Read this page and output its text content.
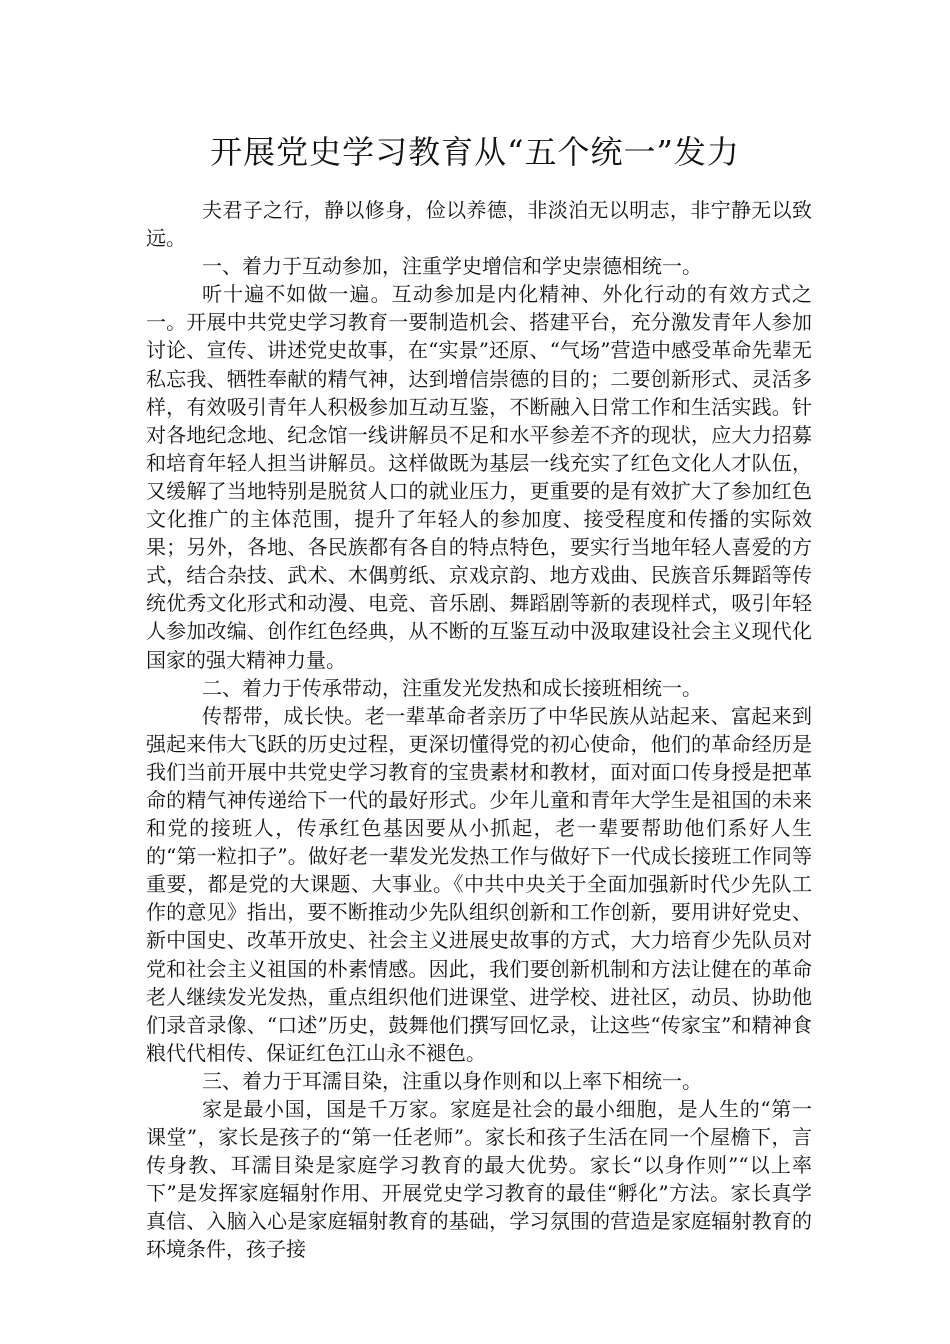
开展党史学习教育从“五个统一”发力

夫君子之行，静以修身，俭以养德，非淡泊无以明志，非宁静无以致远。

一、着力于互动参加，注重学史增信和学史崇德相统一。

听十遍不如做一遍。互动参加是内化精神、外化行动的有效方式之一。开展中共党史学习教育一要制造机会、搭建平台，充分激发青年人参加讨论、宣传、讲述党史故事，在“实景”还原、“气场”营造中感受革命先辈无私忘我、牺牲奉献的精气神，达到增信崇德的目的；二要创新形式、灵活多样，有效吸引青年人积极参加互动互鉴，不断融入日常工作和生活实践。针对各地纪念地、纪念馆一线讲解员不足和水平参差不齐的现状，应大力招募和培育年轻人担当讲解员。这样做既为基层一线充实了红色文化人才队伍，又缓解了当地特别是脱贫人口的就业压力，更重要的是有效扩大了参加红色文化推广的主体范围，提升了年轻人的参加度、接受程度和传播的实际效果；另外，各地、各民族都有各自的特点特色，要实行当地年轻人喜爱的方式，结合杂技、武术、木偶剪纸、京戏京韵、地方戏曲、民族音乐舞蹈等传统优秀文化形式和动漫、电竞、音乐剧、舞蹈剧等新的表现样式，吸引年轻人参加改编、创作红色经典，从不断的互鉴互动中汲取建设社会主义现代化国家的强大精神力量。

二、着力于传承带动，注重发光发热和成长接班相统一。

传帮带，成长快。老一辈革命者亲历了中华民族从站起来、富起来到强起来伟大飞跃的历史过程，更深切懂得党的初心使命，他们的革命经历是我们当前开展中共党史学习教育的宝贵素材和教材，面对面口传身授是把革命的精气神传递给下一代的最好形式。少年儿童和青年大学生是祖国的未来和党的接班人，传承红色基因要从小抓起，老一辈要帮助他们系好人生的“第一粒扣子”。做好老一辈发光发热工作与做好下一代成长接班工作同等重要，都是党的大课题、大事业。《中共中央关于全面加强新时代少先队工作的意见》指出，要不断推动少先队组织创新和工作创新，要用讲好党史、新中国史、改革开放史、社会主义进展史故事的方式，大力培育少先队员对党和社会主义祖国的朴素情感。因此，我们要创新机制和方法让健在的革命老人继续发光发热，重点组织他们进课堂、进学校、进社区，动员、协助他们录音录像、“口述”历史，鼓舞他们撰写回忆录，让这些“传家宝”和精神食粮代代相传、保证红色江山永不褪色。

三、着力于耳濡目染，注重以身作则和以上率下相统一。

家是最小国，国是千万家。家庭是社会的最小细胞，是人生的“第一课堂”，家长是孩子的“第一任老师”。家长和孩子生活在同一个屋檐下，言传身教、耳濡目染是家庭学习教育的最大优势。家长“以身作则”“以上率下”是发挥家庭辐射作用、开展党史学习教育的最佳“孵化”方法。家长真学真信、入脑入心是家庭辐射教育的基础，学习氛围的营造是家庭辐射教育的环境条件，孩子接
